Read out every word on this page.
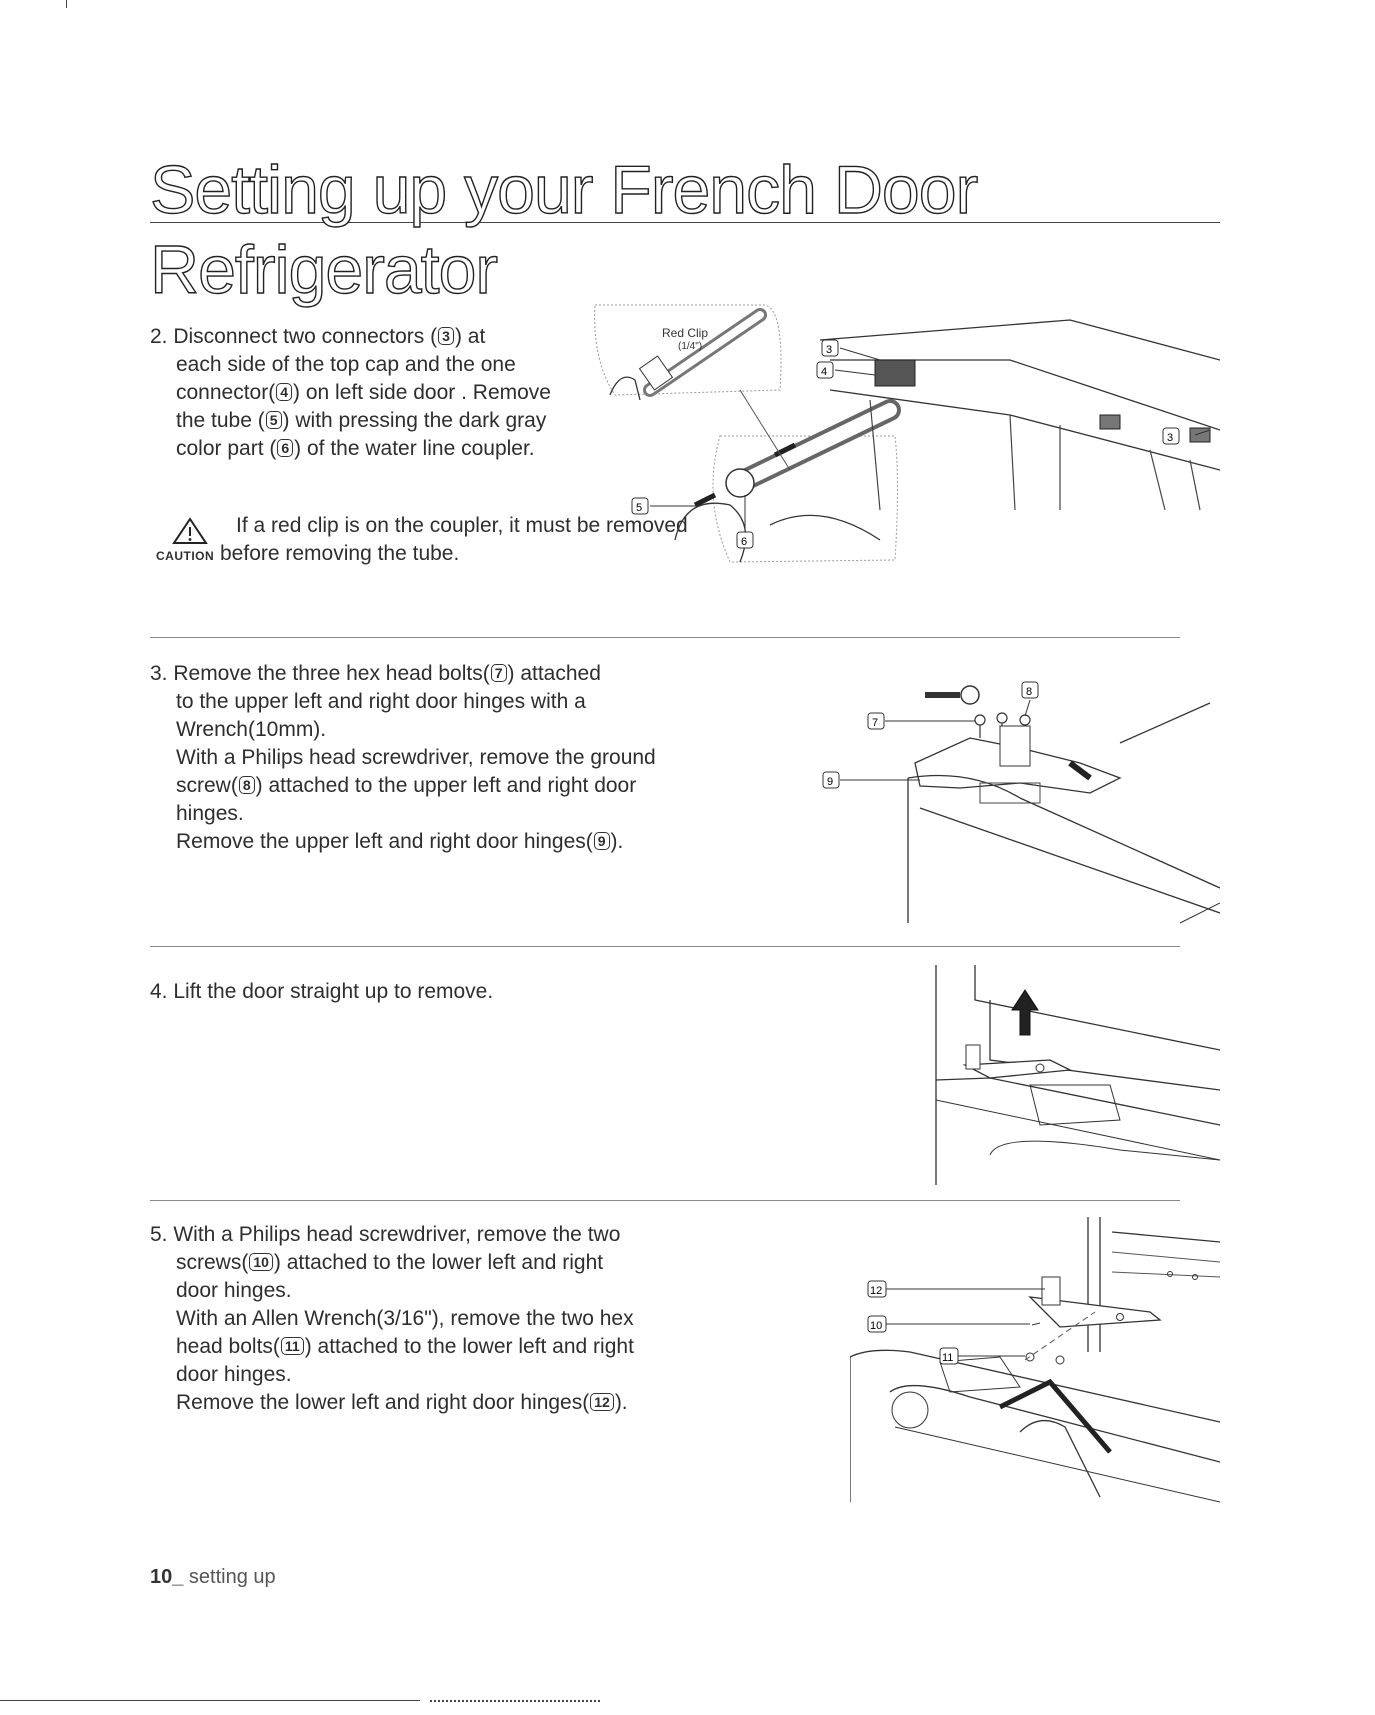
Setting up your French Door Refrigerator
2. Disconnect two connectors ( 3 ) at
each side of the top cap and the one
connector( 4 ) on left side door . Remove
the tube ( 5 ) with pressing the dark gray
color part ( 6 ) of the water line coupler.
If a red clip is on the coupler, it must be removed
CAUTION before removing the tube.
Red Clip
(1/4")
5
6
3
4
3
3. Remove the three hex head bolts( 7 ) attached
to the upper left and right door hinges with a
Wrench(10mm).
With a Philips head screwdriver, remove the ground
screw( 8 ) attached to the upper left and right door
hinges.
Remove the upper left and right door hinges( 9 ).
7
8
9
4. Lift the door straight up to remove.
5. With a Philips head screwdriver, remove the two
screws( 10 ) attached to the lower left and right
door hinges.
With an Allen Wrench(3/16"), remove the two hex
head bolts( 11 ) attached to the lower left and right
door hinges.
Remove the lower left and right door hinges( 12 ).
12
10
11
10_ setting up
